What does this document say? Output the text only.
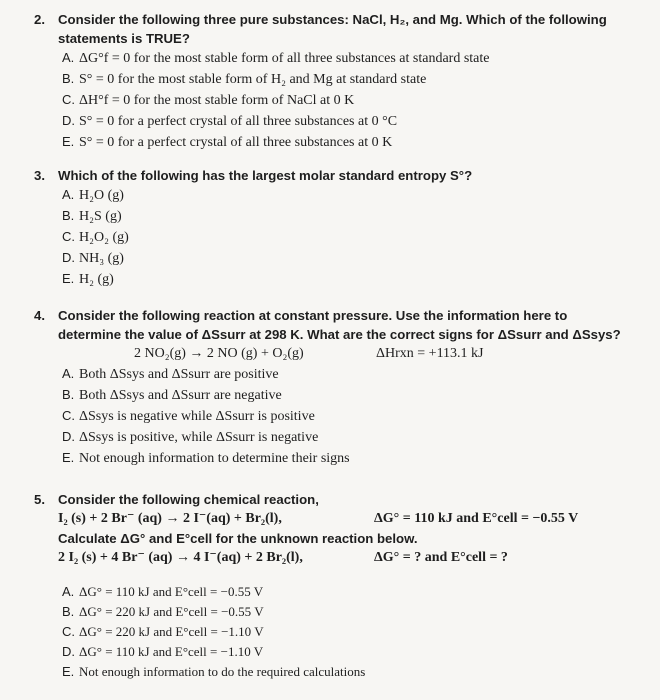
2. Consider the following three pure substances: NaCl, H₂, and Mg. Which of the following
statements is TRUE?
A. ΔG°f = 0 for the most stable form of all three substances at standard state
B. S° = 0 for the most stable form of H₂ and Mg at standard state
C. ΔH°f = 0 for the most stable form of NaCl at 0 K
D. S° = 0 for a perfect crystal of all three substances at 0 °C
E. S° = 0 for a perfect crystal of all three substances at 0 K
3. Which of the following has the largest molar standard entropy S°?
A. H₂O (g)
B. H₂S (g)
C. H₂O₂ (g)
D. NH₃ (g)
E. H₂ (g)
4. Consider the following reaction at constant pressure. Use the information here to
determine the value of ΔSsurr at 298 K. What are the correct signs for ΔSsurr and ΔSsys?
2 NO₂(g) → 2 NO (g) + O₂(g)	ΔHrxn = +113.1 kJ
A. Both ΔSsys and ΔSsurr are positive
B. Both ΔSsys and ΔSsurr are negative
C. ΔSsys is negative while ΔSsurr is positive
D. ΔSsys is positive, while ΔSsurr is negative
E. Not enough information to determine their signs
5. Consider the following chemical reaction,
I₂ (s) + 2 Br⁻ (aq) → 2 I⁻(aq) + Br₂(l),	ΔG° = 110 kJ and E°cell = −0.55 V
Calculate ΔG° and E°cell for the unknown reaction below.
2 I₂ (s) + 4 Br⁻ (aq) → 4 I⁻(aq) + 2 Br₂(l),	ΔG° = ? and E°cell = ?
A. ΔG° = 110 kJ and E°cell = −0.55 V
B. ΔG° = 220 kJ and E°cell = −0.55 V
C. ΔG° = 220 kJ and E°cell = −1.10 V
D. ΔG° = 110 kJ and E°cell = −1.10 V
E. Not enough information to do the required calculations
